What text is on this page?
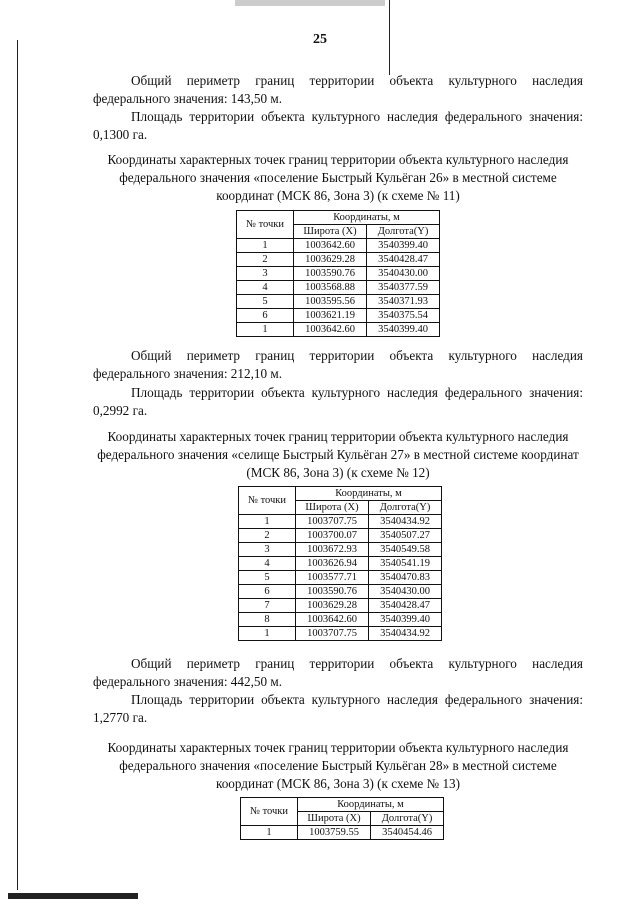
25
Общий периметр границ территории объекта культурного наследия федерального значения: 143,50 м.
Площадь территории объекта культурного наследия федерального значения: 0,1300 га.
Координаты характерных точек границ территории объекта культурного наследия федерального значения «поселение Быстрый Кульёган 26» в местной системе координат (МСК 86, Зона 3) (к схеме № 11)
№ точки	Координаты, м	
	Широта (Х)	Долгота(Y)
1	1003642.60	3540399.40
2	1003629.28	3540428.47
3	1003590.76	3540430.00
4	1003568.88	3540377.59
5	1003595.56	3540371.93
6	1003621.19	3540375.54
1	1003642.60	3540399.40
Общий периметр границ территории объекта культурного наследия федерального значения: 212,10 м.
Площадь территории объекта культурного наследия федерального значения: 0,2992 га.
Координаты характерных точек границ территории объекта культурного наследия федерального значения «селище Быстрый Кульёган 27» в местной системе координат (МСК 86, Зона 3) (к схеме № 12)
№ точки	Координаты, м	
	Широта (Х)	Долгота(Y)
1	1003707.75	3540434.92
2	1003700.07	3540507.27
3	1003672.93	3540549.58
4	1003626.94	3540541.19
5	1003577.71	3540470.83
6	1003590.76	3540430.00
7	1003629.28	3540428.47
8	1003642.60	3540399.40
1	1003707.75	3540434.92
Общий периметр границ территории объекта культурного наследия федерального значения: 442,50 м.
Площадь территории объекта культурного наследия федерального значения: 1,2770 га.
Координаты характерных точек границ территории объекта культурного наследия федерального значения «поселение Быстрый Кульёган 28» в местной системе координат (МСК 86, Зона 3) (к схеме № 13)
№ точки	Координаты, м	
	Широта (Х)	Долгота(Y)
1	1003759.55	3540454.46
